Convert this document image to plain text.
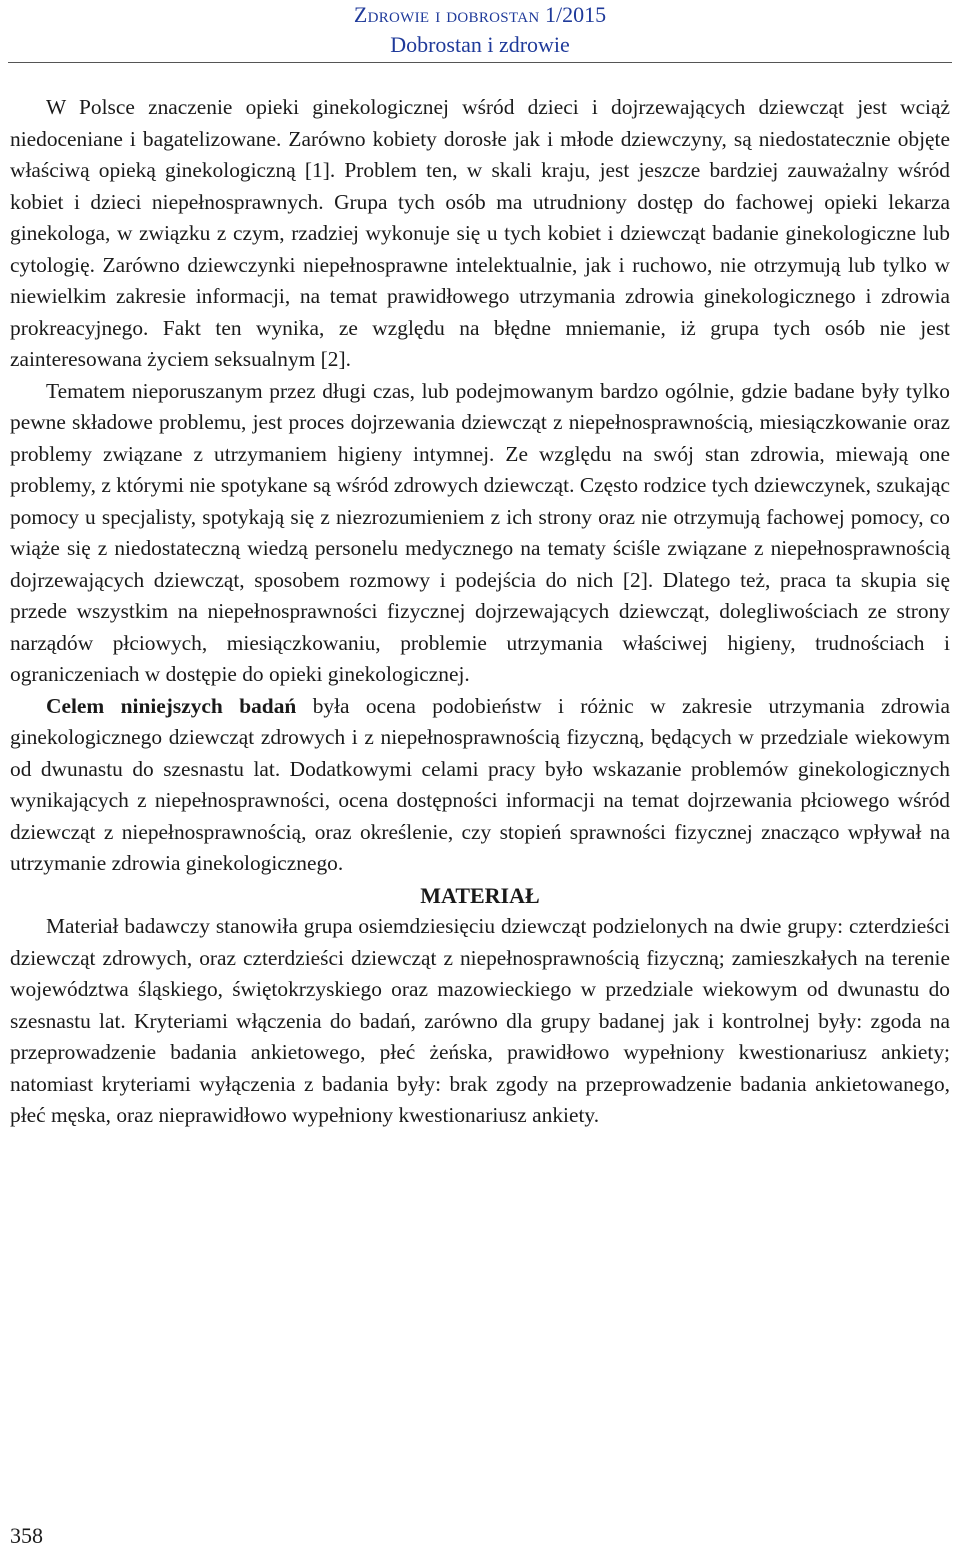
Zdrowie i dobrostan 1/2015
Dobrostan i zdrowie

W Polsce znaczenie opieki ginekologicznej wśród dzieci i dojrzewających dziewcząt jest wciąż niedoceniane i bagatelizowane. Zarówno kobiety dorosłe jak i młode dziewczyny, są niedostatecznie objęte właściwą opieką ginekologiczną [1]. Problem ten, w skali kraju, jest jeszcze bardziej zauważalny wśród kobiet i dzieci niepełnosprawnych. Grupa tych osób ma utrudniony dostęp do fachowej opieki lekarza ginekologa, w związku z czym, rzadziej wykonuje się u tych kobiet i dziewcząt badanie ginekologiczne lub cytologię. Zarówno dziewczynki niepełnosprawne intelektualnie, jak i ruchowo, nie otrzymują lub tylko w niewielkim zakresie informacji, na temat prawidłowego utrzymania zdrowia ginekologicznego i zdrowia prokreacyjnego. Fakt ten wynika, ze względu na błędne mniemanie, iż grupa tych osób nie jest zainteresowana życiem seksualnym [2].

Tematem nieporuszanym przez długi czas, lub podejmowanym bardzo ogólnie, gdzie badane były tylko pewne składowe problemu, jest proces dojrzewania dziewcząt z niepełnosprawnością, miesiączkowanie oraz problemy związane z utrzymaniem higieny intymnej. Ze względu na swój stan zdrowia, miewają one problemy, z którymi nie spotykane są wśród zdrowych dziewcząt. Często rodzice tych dziewczynek, szukając pomocy u specjalisty, spotykają się z niezrozumieniem z ich strony oraz nie otrzymują fachowej pomocy, co wiąże się z niedostateczną wiedzą personelu medycznego na tematy ściśle związane z niepełnosprawnością dojrzewających dziewcząt, sposobem rozmowy i podejścia do nich [2]. Dlatego też, praca ta skupia się przede wszystkim na niepełnosprawności fizycznej dojrzewających dziewcząt, dolegliwościach ze strony narządów płciowych, miesiączkowaniu, problemie utrzymania właściwej higieny, trudnościach i ograniczeniach w dostępie do opieki ginekologicznej.

Celem niniejszych badań była ocena podobieństw i różnic w zakresie utrzymania zdrowia ginekologicznego dziewcząt zdrowych i z niepełnosprawnością fizyczną, będących w przedziale wiekowym od dwunastu do szesnastu lat. Dodatkowymi celami pracy było wskazanie problemów ginekologicznych wynikających z niepełnosprawności, ocena dostępności informacji na temat dojrzewania płciowego wśród dziewcząt z niepełnosprawnością, oraz określenie, czy stopień sprawności fizycznej znacząco wpływał na utrzymanie zdrowia ginekologicznego.

MATERIAŁ

Materiał badawczy stanowiła grupa osiemdziesięciu dziewcząt podzielonych na dwie grupy: czterdzieści dziewcząt zdrowych, oraz czterdzieści dziewcząt z niepełnosprawnością fizyczną; zamieszkałych na terenie województwa śląskiego, świętokrzyskiego oraz mazowieckiego w przedziale wiekowym od dwunastu do szesnastu lat. Kryteriami włączenia do badań, zarówno dla grupy badanej jak i kontrolnej były: zgoda na przeprowadzenie badania ankietowego, płeć żeńska, prawidłowo wypełniony kwestionariusz ankiety; natomiast kryteriami wyłączenia z badania były: brak zgody na przeprowadzenie badania ankietowanego, płeć męska, oraz nieprawidłowo wypełniony kwestionariusz ankiety.

358
